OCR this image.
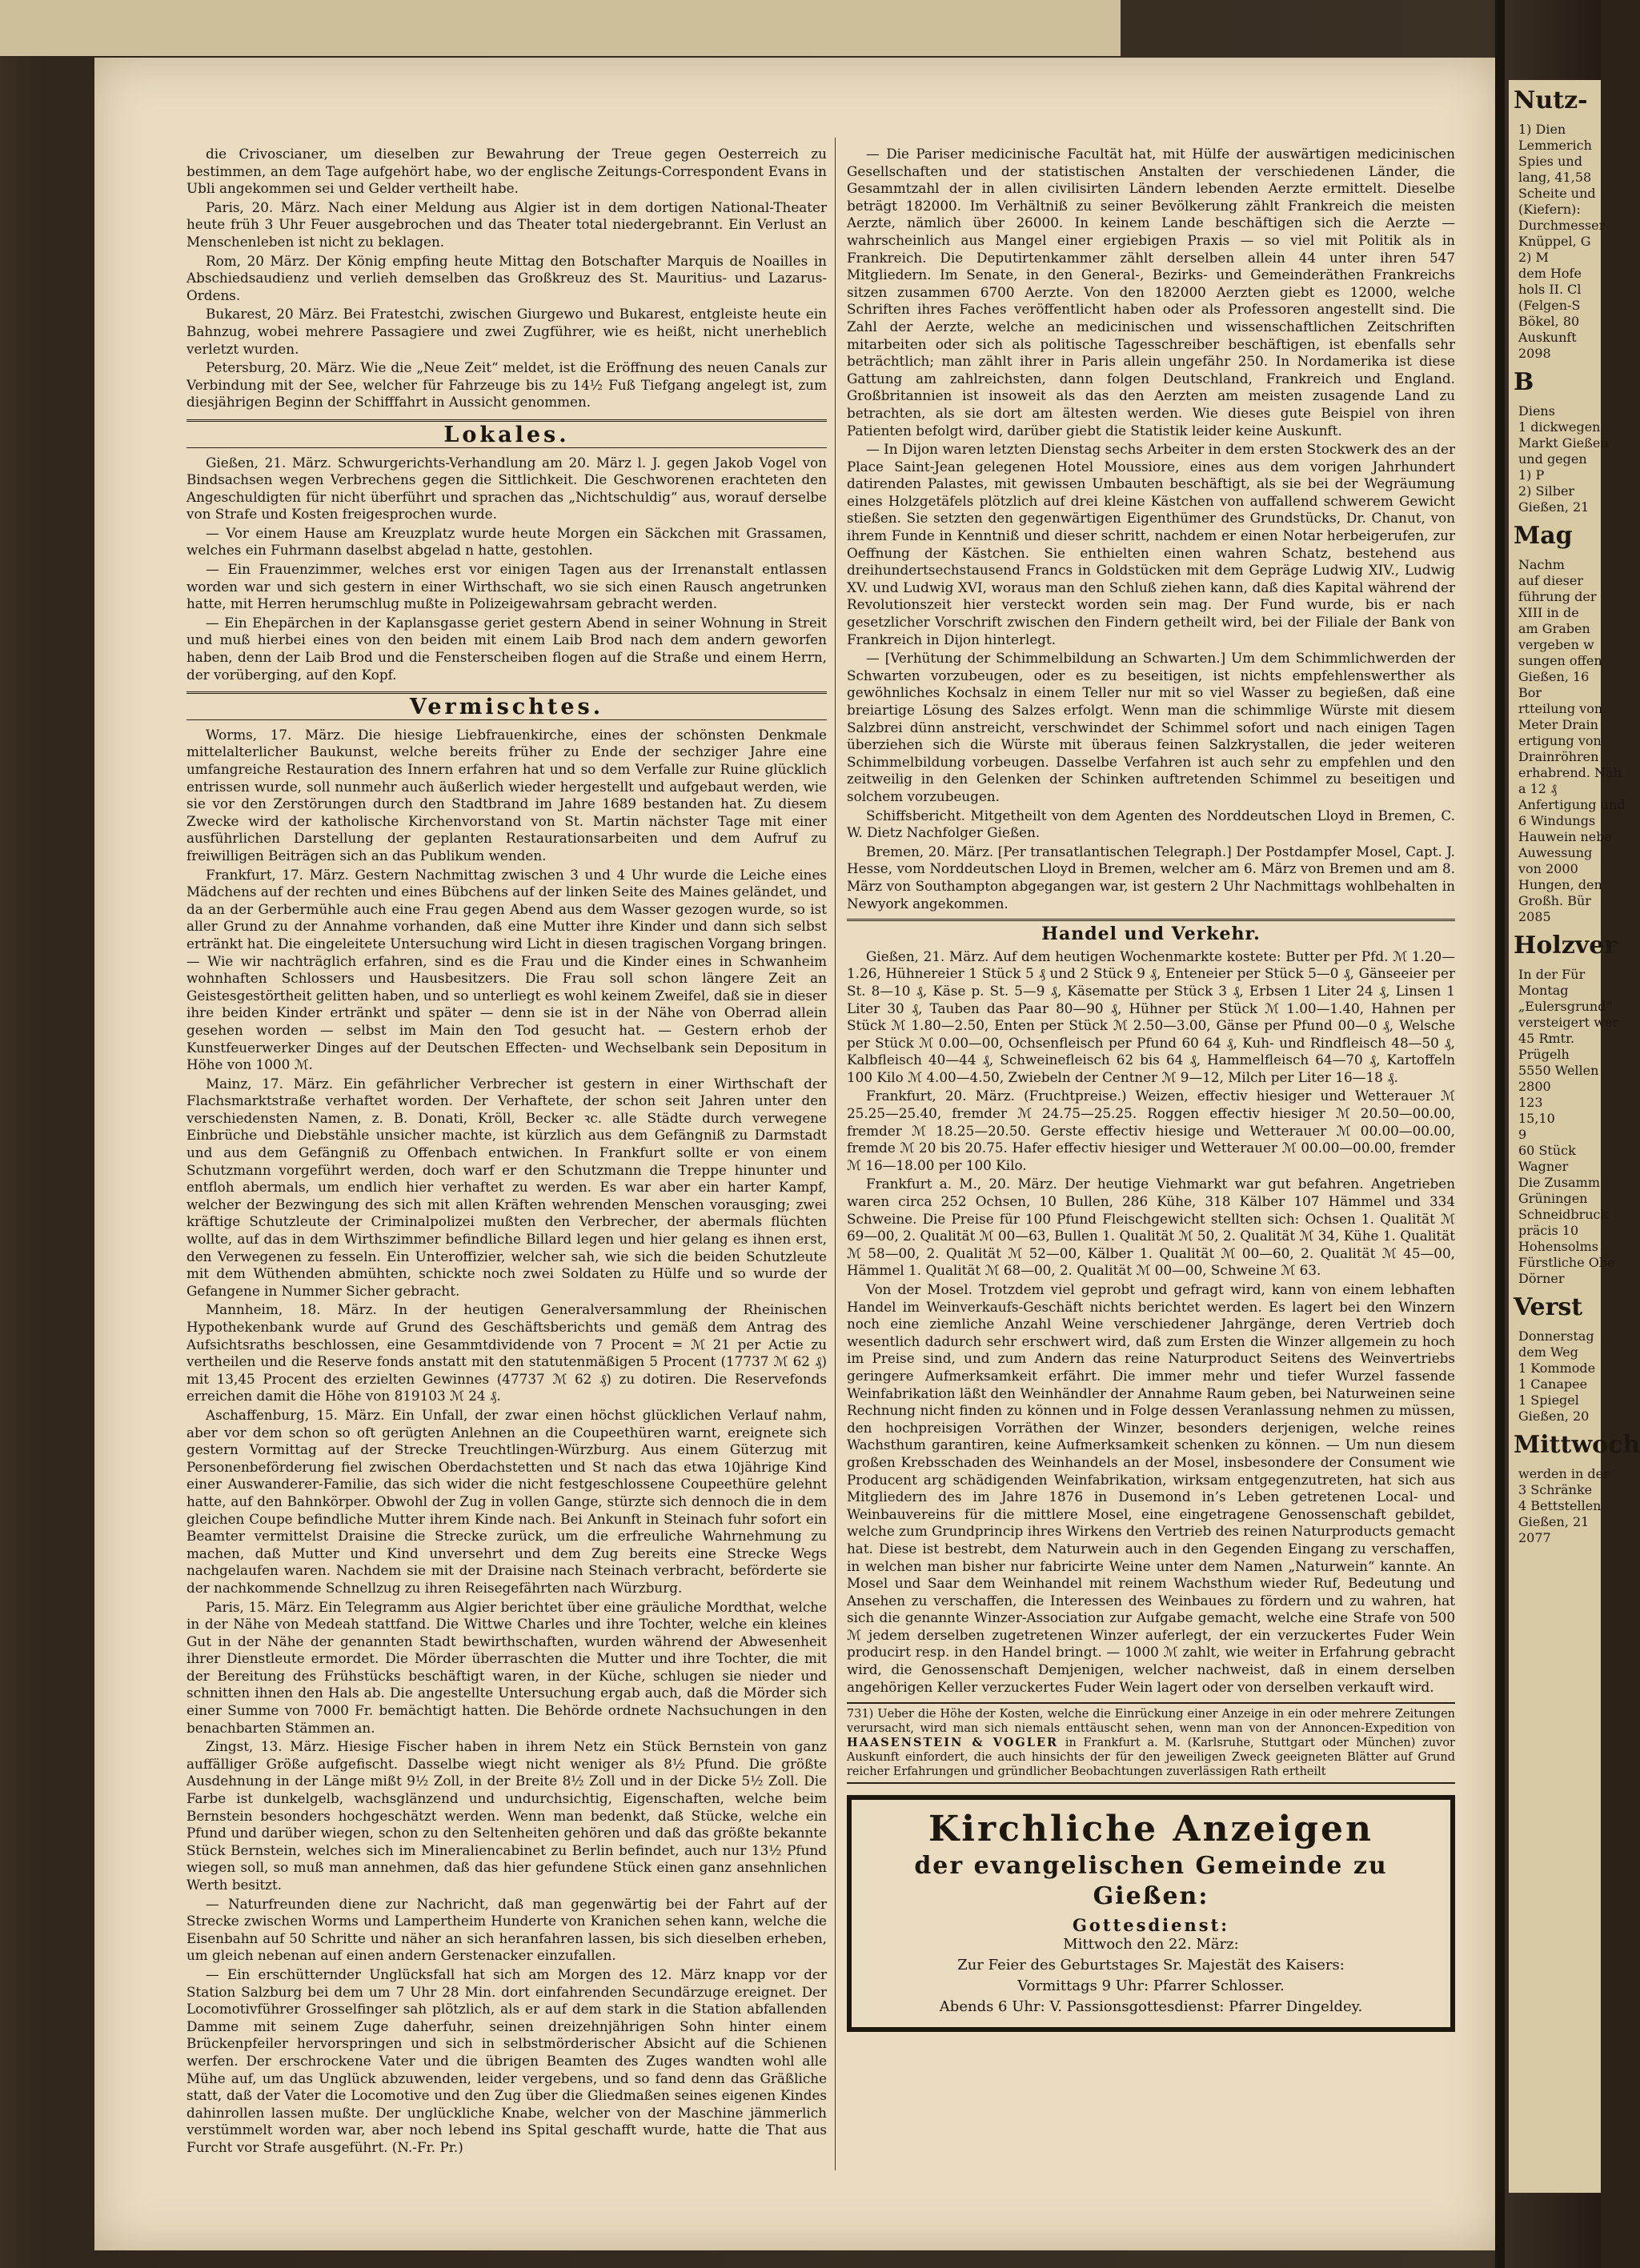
die Crivoscianer, um dieselben zur Bewahrung der Treue gegen Oesterreich zu bestimmen, an dem Tage aufgehört habe, wo der englische Zeitungs-Correspondent Evans in Ubli angekommen sei und Gelder vertheilt habe.
Paris, 20. März. Nach einer Meldung aus Algier ist in dem dortigen National-Theater heute früh 3 Uhr Feuer ausgebrochen und das Theater total niedergebrannt. Ein Verlust an Menschenleben ist nicht zu beklagen.
Rom, 20 März. Der König empfing heute Mittag den Botschafter Marquis de Noailles in Abschiedsaudienz und verlieh demselben das Großkreuz des St. Mauritius- und Lazarus-Ordens.
Bukarest, 20 März. Bei Fratestchi, zwischen Giurgewo und Bukarest, entgleiste heute ein Bahnzug, wobei mehrere Passagiere und zwei Zugführer, wie es heißt, nicht unerheblich verletzt wurden.
Petersburg, 20. März. Wie die „Neue Zeit“ meldet, ist die Eröffnung des neuen Canals zur Verbindung mit der See, welcher für Fahrzeuge bis zu 14½ Fuß Tiefgang angelegt ist, zum diesjährigen Beginn der Schifffahrt in Aussicht genommen.
Lokales.
Gießen, 21. März. Schwurgerichts-Verhandlung am 20. März l. J. gegen Jakob Vogel von Bindsachsen wegen Verbrechens gegen die Sittlichkeit. Die Geschworenen erachteten den Angeschuldigten für nicht überführt und sprachen das „Nichtschuldig“ aus, worauf derselbe von Strafe und Kosten freigesprochen wurde.
— Vor einem Hause am Kreuzplatz wurde heute Morgen ein Säckchen mit Grassamen, welches ein Fuhrmann daselbst abgelad n hatte, gestohlen.
— Ein Frauenzimmer, welches erst vor einigen Tagen aus der Irrenanstalt entlassen worden war und sich gestern in einer Wirthschaft, wo sie sich einen Rausch angetrunken hatte, mit Herren herumschlug mußte in Polizeigewahrsam gebracht werden.
— Ein Ehepärchen in der Kaplansgasse geriet gestern Abend in seiner Wohnung in Streit und muß hierbei eines von den beiden mit einem Laib Brod nach dem andern geworfen haben, denn der Laib Brod und die Fensterscheiben flogen auf die Straße und einem Herrn, der vorüberging, auf den Kopf.
Vermischtes.
Worms, 17. März. Die hiesige Liebfrauenkirche, eines der schönsten Denkmale mittelalterlicher Baukunst, welche bereits früher zu Ende der sechziger Jahre eine umfangreiche Restauration des Innern erfahren hat und so dem Verfalle zur Ruine glücklich entrissen wurde, soll nunmehr auch äußerlich wieder hergestellt und aufgebaut werden, wie sie vor den Zerstörungen durch den Stadtbrand im Jahre 1689 bestanden hat. Zu diesem Zwecke wird der katholische Kirchenvorstand von St. Martin nächster Tage mit einer ausführlichen Darstellung der geplanten Restaurationsarbeiten und dem Aufruf zu freiwilligen Beiträgen sich an das Publikum wenden.
Frankfurt, 17. März. Gestern Nachmittag zwischen 3 und 4 Uhr wurde die Leiche eines Mädchens auf der rechten und eines Bübchens auf der linken Seite des Maines geländet, und da an der Gerbermühle auch eine Frau gegen Abend aus dem Wasser gezogen wurde, so ist aller Grund zu der Annahme vorhanden, daß eine Mutter ihre Kinder und dann sich selbst ertränkt hat. Die eingeleitete Untersuchung wird Licht in diesen tragischen Vorgang bringen. — Wie wir nachträglich erfahren, sind es die Frau und die Kinder eines in Schwanheim wohnhaften Schlossers und Hausbesitzers. Die Frau soll schon längere Zeit an Geistesgestörtheit gelitten haben, und so unterliegt es wohl keinem Zweifel, daß sie in dieser ihre beiden Kinder ertränkt und später — denn sie ist in der Nähe von Oberrad allein gesehen worden — selbst im Main den Tod gesucht hat. — Gestern erhob der Kunstfeuerwerker Dinges auf der Deutschen Effecten- und Wechselbank sein Depositum in Höhe von 1000 ℳ.
Mainz, 17. März. Ein gefährlicher Verbrecher ist gestern in einer Wirthschaft der Flachsmarktstraße verhaftet worden. Der Verhaftete, der schon seit Jahren unter den verschiedensten Namen, z. B. Donati, Kröll, Becker ꝛc. alle Städte durch verwegene Einbrüche und Diebstähle unsicher machte, ist kürzlich aus dem Gefängniß zu Darmstadt und aus dem Gefängniß zu Offenbach entwichen. In Frankfurt sollte er von einem Schutzmann vorgeführt werden, doch warf er den Schutzmann die Treppe hinunter und entfloh abermals, um endlich hier verhaftet zu werden. Es war aber ein harter Kampf, welcher der Bezwingung des sich mit allen Kräften wehrenden Menschen vorausging; zwei kräftige Schutzleute der Criminalpolizei mußten den Verbrecher, der abermals flüchten wollte, auf das in dem Wirthszimmer befindliche Billard legen und hier gelang es ihnen erst, den Verwegenen zu fesseln. Ein Unteroffizier, welcher sah, wie sich die beiden Schutzleute mit dem Wüthenden abmühten, schickte noch zwei Soldaten zu Hülfe und so wurde der Gefangene in Nummer Sicher gebracht.
Mannheim, 18. März. In der heutigen Generalversammlung der Rheinischen Hypothekenbank wurde auf Grund des Geschäftsberichts und gemäß dem Antrag des Aufsichtsraths beschlossen, eine Gesammtdividende von 7 Procent = ℳ 21 per Actie zu vertheilen und die Reserve fonds anstatt mit den statutenmäßigen 5 Procent (17737 ℳ 62 ₰) mit 13,45 Procent des erzielten Gewinnes (47737 ℳ 62 ₰) zu dotiren. Die Reservefonds erreichen damit die Höhe von 819103 ℳ 24 ₰.
Aschaffenburg, 15. März. Ein Unfall, der zwar einen höchst glücklichen Verlauf nahm, aber vor dem schon so oft gerügten Anlehnen an die Coupeethüren warnt, ereignete sich gestern Vormittag auf der Strecke Treuchtlingen-Würzburg. Aus einem Güterzug mit Personenbeförderung fiel zwischen Oberdachstetten und St nach das etwa 10jährige Kind einer Auswanderer-Familie, das sich wider die nicht festgeschlossene Coupeethüre gelehnt hatte, auf den Bahnkörper. Obwohl der Zug in vollen Gange, stürzte sich dennoch die in dem gleichen Coupe befindliche Mutter ihrem Kinde nach. Bei Ankunft in Steinach fuhr sofort ein Beamter vermittelst Draisine die Strecke zurück, um die erfreuliche Wahrnehmung zu machen, daß Mutter und Kind unversehrt und dem Zug bereits eine Strecke Wegs nachgelaufen waren. Nachdem sie mit der Draisine nach Steinach verbracht, beförderte sie der nachkommende Schnellzug zu ihren Reisegefährten nach Würzburg.
Paris, 15. März. Ein Telegramm aus Algier berichtet über eine gräuliche Mordthat, welche in der Nähe von Medeah stattfand. Die Wittwe Charles und ihre Tochter, welche ein kleines Gut in der Nähe der genannten Stadt bewirthschaften, wurden während der Abwesenheit ihrer Dienstleute ermordet. Die Mörder überraschten die Mutter und ihre Tochter, die mit der Bereitung des Frühstücks beschäftigt waren, in der Küche, schlugen sie nieder und schnitten ihnen den Hals ab. Die angestellte Untersuchung ergab auch, daß die Mörder sich einer Summe von 7000 Fr. bemächtigt hatten. Die Behörde ordnete Nachsuchungen in den benachbarten Stämmen an.
Zingst, 13. März. Hiesige Fischer haben in ihrem Netz ein Stück Bernstein von ganz auffälliger Größe aufgefischt. Dasselbe wiegt nicht weniger als 8½ Pfund. Die größte Ausdehnung in der Länge mißt 9½ Zoll, in der Breite 8½ Zoll und in der Dicke 5½ Zoll. Die Farbe ist dunkelgelb, wachsglänzend und undurchsichtig, Eigenschaften, welche beim Bernstein besonders hochgeschätzt werden. Wenn man bedenkt, daß Stücke, welche ein Pfund und darüber wiegen, schon zu den Seltenheiten gehören und daß das größte bekannte Stück Bernstein, welches sich im Mineraliencabinet zu Berlin befindet, auch nur 13½ Pfund wiegen soll, so muß man annehmen, daß das hier gefundene Stück einen ganz ansehnlichen Werth besitzt.
— Naturfreunden diene zur Nachricht, daß man gegenwärtig bei der Fahrt auf der Strecke zwischen Worms und Lampertheim Hunderte von Kranichen sehen kann, welche die Eisenbahn auf 50 Schritte und näher an sich heranfahren lassen, bis sich dieselben erheben, um gleich nebenan auf einen andern Gerstenacker einzufallen.
— Ein erschütternder Unglücksfall hat sich am Morgen des 12. März knapp vor der Station Salzburg bei dem um 7 Uhr 28 Min. dort einfahrenden Secundärzuge ereignet. Der Locomotivführer Grosselfinger sah plötzlich, als er auf dem stark in die Station abfallenden Damme mit seinem Zuge daherfuhr, seinen dreizehnjährigen Sohn hinter einem Brückenpfeiler hervorspringen und sich in selbstmörderischer Absicht auf die Schienen werfen. Der erschrockene Vater und die übrigen Beamten des Zuges wandten wohl alle Mühe auf, um das Unglück abzuwenden, leider vergebens, und so fand denn das Gräßliche statt, daß der Vater die Locomotive und den Zug über die Gliedmaßen seines eigenen Kindes dahinrollen lassen mußte. Der unglückliche Knabe, welcher von der Maschine jämmerlich verstümmelt worden war, aber noch lebend ins Spital geschafft wurde, hatte die That aus Furcht vor Strafe ausgeführt. (N.-Fr. Pr.)
— Die Pariser medicinische Facultät hat, mit Hülfe der auswärtigen medicinischen Gesellschaften und der statistischen Anstalten der verschiedenen Länder, die Gesammtzahl der in allen civilisirten Ländern lebenden Aerzte ermittelt. Dieselbe beträgt 182000. Im Verhältniß zu seiner Bevölkerung zählt Frankreich die meisten Aerzte, nämlich über 26000. In keinem Lande beschäftigen sich die Aerzte — wahrscheinlich aus Mangel einer ergiebigen Praxis — so viel mit Politik als in Frankreich. Die Deputirtenkammer zählt derselben allein 44 unter ihren 547 Mitgliedern. Im Senate, in den General-, Bezirks- und Gemeinderäthen Frankreichs sitzen zusammen 6700 Aerzte. Von den 182000 Aerzten giebt es 12000, welche Schriften ihres Faches veröffentlicht haben oder als Professoren angestellt sind. Die Zahl der Aerzte, welche an medicinischen und wissenschaftlichen Zeitschriften mitarbeiten oder sich als politische Tagesschreiber beschäftigen, ist ebenfalls sehr beträchtlich; man zählt ihrer in Paris allein ungefähr 250. In Nordamerika ist diese Gattung am zahlreichsten, dann folgen Deutschland, Frankreich und England. Großbritannien ist insoweit als das den Aerzten am meisten zusagende Land zu betrachten, als sie dort am ältesten werden. Wie dieses gute Beispiel von ihren Patienten befolgt wird, darüber giebt die Statistik leider keine Auskunft.
— In Dijon waren letzten Dienstag sechs Arbeiter in dem ersten Stockwerk des an der Place Saint-Jean gelegenen Hotel Moussiore, eines aus dem vorigen Jahrhundert datirenden Palastes, mit gewissen Umbauten beschäftigt, als sie bei der Wegräumung eines Holzgetäfels plötzlich auf drei kleine Kästchen von auffallend schwerem Gewicht stießen. Sie setzten den gegenwärtigen Eigenthümer des Grundstücks, Dr. Chanut, von ihrem Funde in Kenntniß und dieser schritt, nachdem er einen Notar herbeigerufen, zur Oeffnung der Kästchen. Sie enthielten einen wahren Schatz, bestehend aus dreihundertsechstausend Francs in Goldstücken mit dem Gepräge Ludwig XIV., Ludwig XV. und Ludwig XVI, woraus man den Schluß ziehen kann, daß dies Kapital während der Revolutionszeit hier versteckt worden sein mag. Der Fund wurde, bis er nach gesetzlicher Vorschrift zwischen den Findern getheilt wird, bei der Filiale der Bank von Frankreich in Dijon hinterlegt.
— [Verhütung der Schimmelbildung an Schwarten.] Um dem Schimmlichwerden der Schwarten vorzubeugen, oder es zu beseitigen, ist nichts empfehlenswerther als gewöhnliches Kochsalz in einem Teller nur mit so viel Wasser zu begießen, daß eine breiartige Lösung des Salzes erfolgt. Wenn man die schimmlige Würste mit diesem Salzbrei dünn anstreicht, verschwindet der Schimmel sofort und nach einigen Tagen überziehen sich die Würste mit überaus feinen Salzkrystallen, die jeder weiteren Schimmelbildung vorbeugen. Dasselbe Verfahren ist auch sehr zu empfehlen und den zeitweilig in den Gelenken der Schinken auftretenden Schimmel zu beseitigen und solchem vorzubeugen.
Schiffsbericht. Mitgetheilt von dem Agenten des Norddeutschen Lloyd in Bremen, C. W. Dietz Nachfolger Gießen.
Bremen, 20. März. [Per transatlantischen Telegraph.] Der Postdampfer Mosel, Capt. J. Hesse, vom Norddeutschen Lloyd in Bremen, welcher am 6. März von Bremen und am 8. März von Southampton abgegangen war, ist gestern 2 Uhr Nachmittags wohlbehalten in Newyork angekommen.
Handel und Verkehr.
Gießen, 21. März. Auf dem heutigen Wochenmarkte kostete: Butter per Pfd. ℳ 1.20—1.26, Hühnereier 1 Stück 5 ₰ und 2 Stück 9 ₰, Enteneier per Stück 5—0 ₰, Gänseeier per St. 8—10 ₰, Käse p. St. 5—9 ₰, Käsematte per Stück 3 ₰, Erbsen 1 Liter 24 ₰, Linsen 1 Liter 30 ₰, Tauben das Paar 80—90 ₰, Hühner per Stück ℳ 1.00—1.40, Hahnen per Stück ℳ 1.80—2.50, Enten per Stück ℳ 2.50—3.00, Gänse per Pfund 00—0 ₰, Welsche per Stück ℳ 0.00—00, Ochsenfleisch per Pfund 60 64 ₰, Kuh- und Rindfleisch 48—50 ₰, Kalbfleisch 40—44 ₰, Schweinefleisch 62 bis 64 ₰, Hammelfleisch 64—70 ₰, Kartoffeln 100 Kilo ℳ 4.00—4.50, Zwiebeln der Centner ℳ 9—12, Milch per Liter 16—18 ₰.
Frankfurt, 20. März. (Fruchtpreise.) Weizen, effectiv hiesiger und Wetterauer ℳ 25.25—25.40, fremder ℳ 24.75—25.25. Roggen effectiv hiesiger ℳ 20.50—00.00, fremder ℳ 18.25—20.50. Gerste effectiv hiesige und Wetterauer ℳ 00.00—00.00, fremde ℳ 20 bis 20.75. Hafer effectiv hiesiger und Wetterauer ℳ 00.00—00.00, fremder ℳ 16—18.00 per 100 Kilo.
Frankfurt a. M., 20. März. Der heutige Viehmarkt war gut befahren. Angetrieben waren circa 252 Ochsen, 10 Bullen, 286 Kühe, 318 Kälber 107 Hämmel und 334 Schweine. Die Preise für 100 Pfund Fleischgewicht stellten sich: Ochsen 1. Qualität ℳ 69—00, 2. Qualität ℳ 00—63, Bullen 1. Qualität ℳ 50, 2. Qualität ℳ 34, Kühe 1. Qualität ℳ 58—00, 2. Qualität ℳ 52—00, Kälber 1. Qualität ℳ 00—60, 2. Qualität ℳ 45—00, Hämmel 1. Qualität ℳ 68—00, 2. Qualität ℳ 00—00, Schweine ℳ 63.
Von der Mosel. Trotzdem viel geprobt und gefragt wird, kann von einem lebhaften Handel im Weinverkaufs-Geschäft nichts berichtet werden. Es lagert bei den Winzern noch eine ziemliche Anzahl Weine verschiedener Jahrgänge, deren Vertrieb doch wesentlich dadurch sehr erschwert wird, daß zum Ersten die Winzer allgemein zu hoch im Preise sind, und zum Andern das reine Naturproduct Seitens des Weinvertriebs geringere Aufmerksamkeit erfährt. Die immer mehr und tiefer Wurzel fassende Weinfabrikation läßt den Weinhändler der Annahme Raum geben, bei Naturweinen seine Rechnung nicht finden zu können und in Folge dessen Veranlassung nehmen zu müssen, den hochpreisigen Vorräthen der Winzer, besonders derjenigen, welche reines Wachsthum garantiren, keine Aufmerksamkeit schenken zu können. — Um nun diesem großen Krebsschaden des Weinhandels an der Mosel, insbesondere der Consument wie Producent arg schädigenden Weinfabrikation, wirksam entgegenzutreten, hat sich aus Mitgliedern des im Jahre 1876 in Dusemond in’s Leben getretenen Local- und Weinbauvereins für die mittlere Mosel, eine eingetragene Genossenschaft gebildet, welche zum Grundprincip ihres Wirkens den Vertrieb des reinen Naturproducts gemacht hat. Diese ist bestrebt, dem Naturwein auch in den Gegenden Eingang zu verschaffen, in welchen man bisher nur fabricirte Weine unter dem Namen „Naturwein“ kannte. An Mosel und Saar dem Weinhandel mit reinem Wachsthum wieder Ruf, Bedeutung und Ansehen zu verschaffen, die Interessen des Weinbaues zu fördern und zu wahren, hat sich die genannte Winzer-Association zur Aufgabe gemacht, welche eine Strafe von 500 ℳ jedem derselben zugetretenen Winzer auferlegt, der ein verzuckertes Fuder Wein producirt resp. in den Handel bringt. — 1000 ℳ zahlt, wie weiter in Erfahrung gebracht wird, die Genossenschaft Demjenigen, welcher nachweist, daß in einem derselben angehörigen Keller verzuckertes Fuder Wein lagert oder von derselben verkauft wird.
731) Ueber die Höhe der Kosten, welche die Einrückung einer Anzeige in ein oder mehrere Zeitungen verursacht, wird man sich niemals enttäuscht sehen, wenn man von der Annoncen-Expedition von HAASENSTEIN & VOGLER in Frankfurt a. M. (Karlsruhe, Stuttgart oder München) zuvor Auskunft einfordert, die auch hinsichts der für den jeweiligen Zweck geeigneten Blätter auf Grund reicher Erfahrungen und gründlicher Beobachtungen zuverlässigen Rath ertheilt
Kirchliche Anzeigen
der evangelischen Gemeinde zu Gießen:
Gottesdienst:
Mittwoch den 22. März:
Zur Feier des Geburtstages Sr. Majestät des Kaisers:
Vormittags 9 Uhr: Pfarrer Schlosser.
Abends 6 Uhr: V. Passionsgottesdienst: Pfarrer Dingeldey.
Nutz-
1) Dien
Lemmerich
Spies und
lang, 41,58
Scheite und
(Kiefern):
Durchmesser
Knüppel, G
2) M
dem Hofe
hols II. Cl
(Felgen-S
Bökel, 80
Auskunft
2098
B
Diens
1 dickwegen
Markt Gießen
und gegen
1) P
2) Silber
Gießen, 21
Mag
Nachm
auf dieser
führung der
XIII in de
am Graben
vergeben w
sungen offen
Gießen, 16
Bor
rtteilung von
Meter Drain
ertigung von
Drainröhren
erhabrend. Näh
a 12 ₰
Anfertigung und
6 Windungs
Hauwein nebe
Auwessung
von 2000
Hungen, den
Großh. Bür
2085
Holzver
In der Für
Montag
„Eulersgrund“
versteigert wer
45 Rmtr.
Prügelh
5550 Wellen
2800
123
15,10
9
60 Stück
Wagner
Die Zusamm
Grüningen
Schneidbruck
präcis 10
Hohensolms
Fürstliche Obe
Dörner
Verst
Donnerstag
dem Weg
1 Kommode
1 Canapee
1 Spiegel
Gießen, 20
Mittwoch
werden in der
3 Schränke
4 Bettstellen
Gießen, 21
2077
